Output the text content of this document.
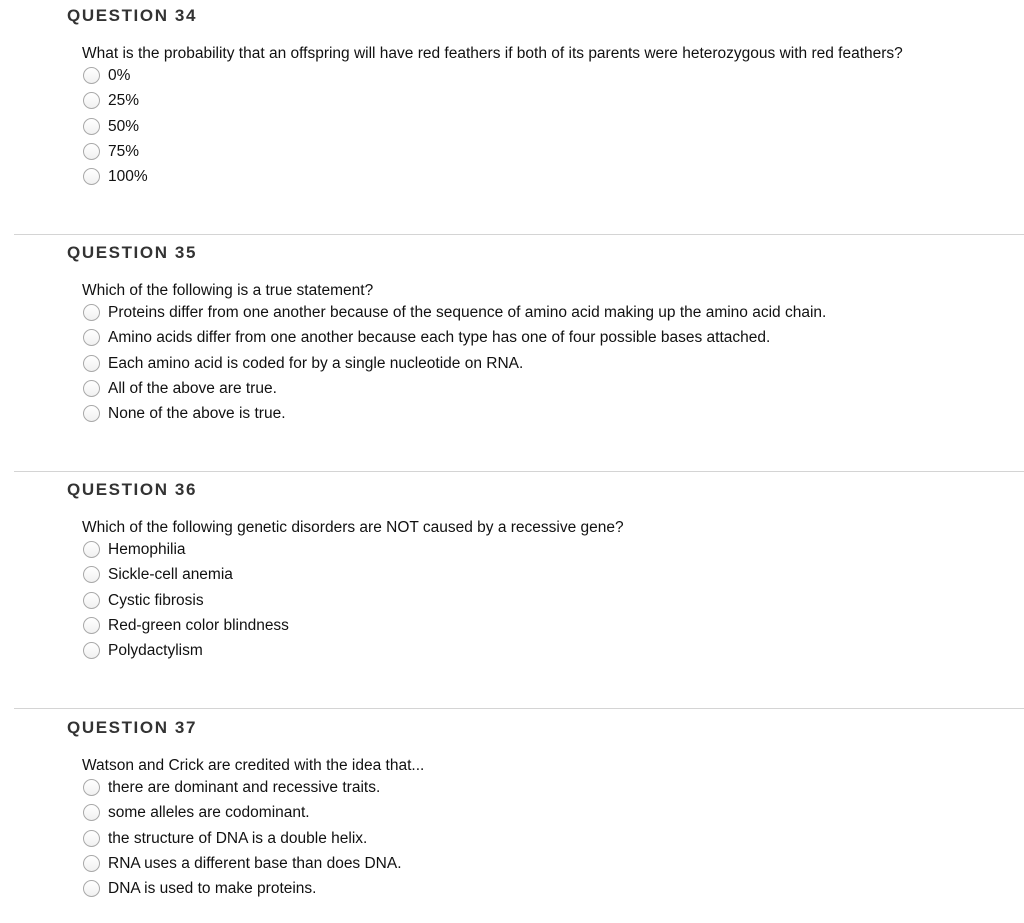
QUESTION 34

What is the probability that an offspring will have red feathers if both of its parents were heterozygous with red feathers?

0%
25%
50%
75%
100%
QUESTION 35

Which of the following is a true statement?

Proteins differ from one another because of the sequence of amino acid making up the amino acid chain.
Amino acids differ from one another because each type has one of four possible bases attached.
Each amino acid is coded for by a single nucleotide on RNA.
All of the above are true.
None of the above is true.
QUESTION 36

Which of the following genetic disorders are NOT caused by a recessive gene?

Hemophilia
Sickle-cell anemia
Cystic fibrosis
Red-green color blindness
Polydactylism
QUESTION 37

Watson and Crick are credited with the idea that...

there are dominant and recessive traits.
some alleles are codominant.
the structure of DNA is a double helix.
RNA uses a different base than does DNA.
DNA is used to make proteins.
